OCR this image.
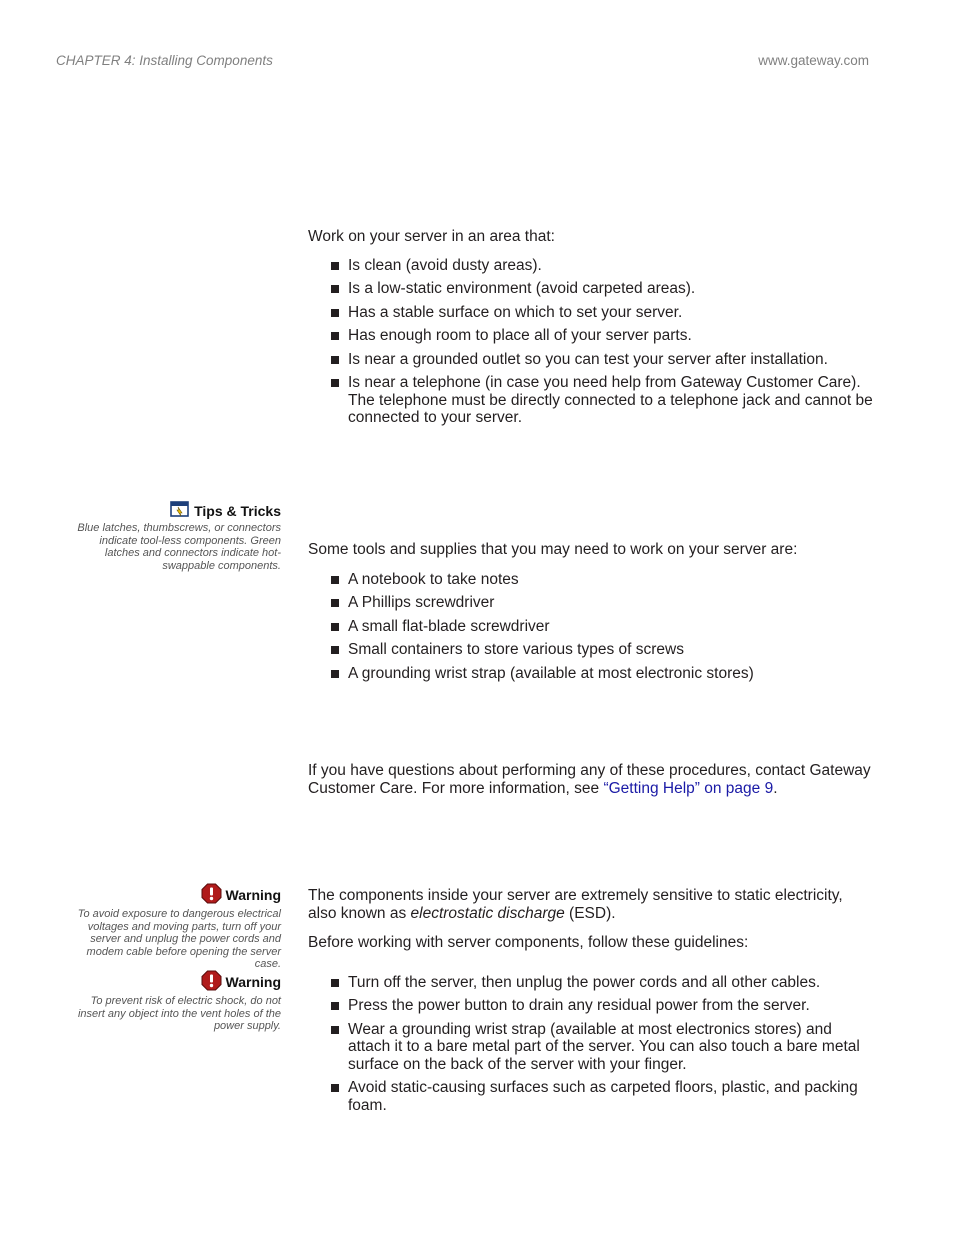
CHAPTER 4: Installing Components	www.gateway.com

Work on your server in an area that:

Is clean (avoid dusty areas).
Is a low-static environment (avoid carpeted areas).
Has a stable surface on which to set your server.
Has enough room to place all of your server parts.
Is near a grounded outlet so you can test your server after installation.
Is near a telephone (in case you need help from Gateway Customer Care). The telephone must be directly connected to a telephone jack and cannot be connected to your server.
Tips & Tricks
Blue latches, thumbscrews, or connectors indicate tool-less components. Green latches and connectors indicate hot-swappable components.

Some tools and supplies that you may need to work on your server are:

A notebook to take notes
A Phillips screwdriver
A small flat-blade screwdriver
Small containers to store various types of screws
A grounding wrist strap (available at most electronic stores)

If you have questions about performing any of these procedures, contact Gateway Customer Care. For more information, see “Getting Help” on page 9.

Warning
To avoid exposure to dangerous electrical voltages and moving parts, turn off your server and unplug the power cords and modem cable before opening the server case.
Warning
To prevent risk of electric shock, do not insert any object into the vent holes of the power supply.

The components inside your server are extremely sensitive to static electricity, also known as electrostatic discharge (ESD).

Before working with server components, follow these guidelines:

Turn off the server, then unplug the power cords and all other cables.
Press the power button to drain any residual power from the server.
Wear a grounding wrist strap (available at most electronics stores) and attach it to a bare metal part of the server. You can also touch a bare metal surface on the back of the server with your finger.
Avoid static-causing surfaces such as carpeted floors, plastic, and packing foam.
